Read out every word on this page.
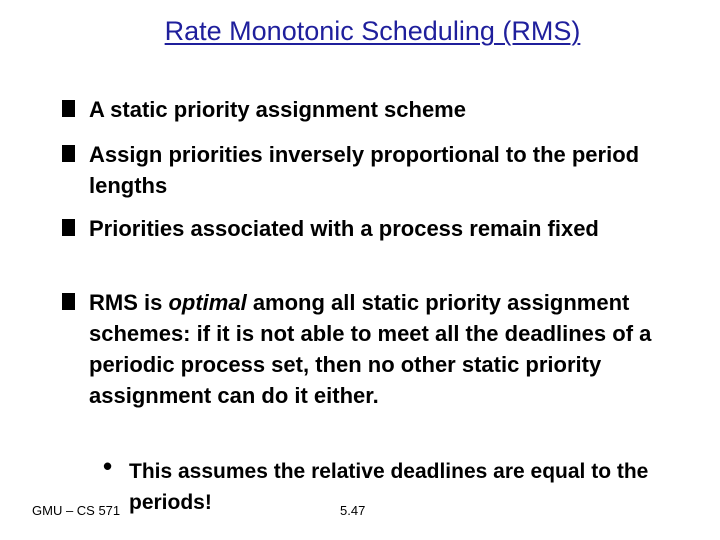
Rate Monotonic Scheduling (RMS)
A static priority assignment scheme
Assign priorities inversely proportional to the period lengths
Priorities associated with a process remain fixed
RMS is optimal among all static priority assignment schemes: if it is not able to meet all the deadlines of a periodic process set, then no other static priority assignment can do it either.
• This assumes the relative deadlines are equal to the periods!
GMU – CS 571	5.47
